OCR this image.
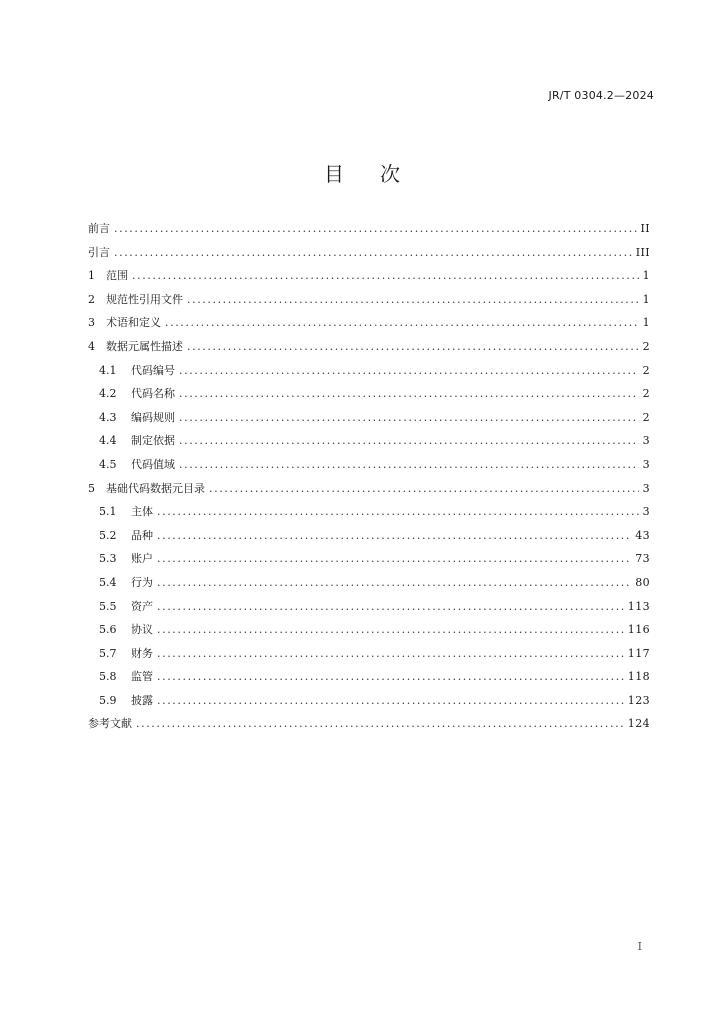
JR/T 0304.2—2024
目 次
前言 .....	II
引言 .....	III
1	范围 .....	1
2	规范性引用文件 .....	1
3	术语和定义 .....	1
4	数据元属性描述 .....	2
4.1	代码编号 .....	2
4.2	代码名称 .....	2
4.3	编码规则 .....	2
4.4	制定依据 .....	3
4.5	代码值域 .....	3
5	基础代码数据元目录 .....	3
5.1	主体 .....	3
5.2	品种 .....	43
5.3	账户 .....	73
5.4	行为 .....	80
5.5	资产 .....	113
5.6	协议 .....	116
5.7	财务 .....	117
5.8	监管 .....	118
5.9	披露 .....	123
参考文献 .....	124
I
